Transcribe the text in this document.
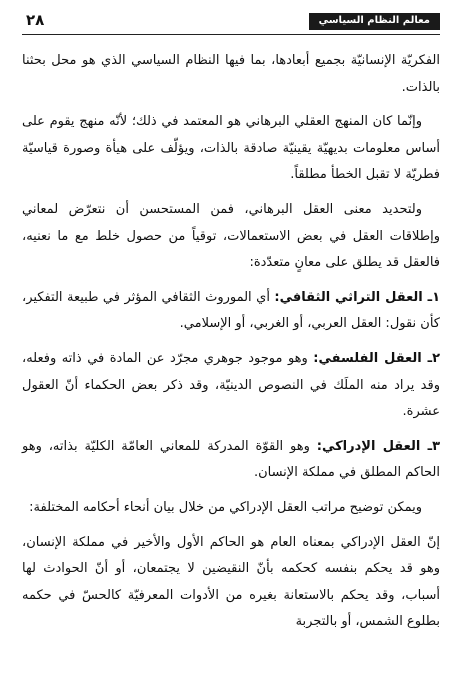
معالم النظام السياسي
٢٨

الفكريّة الإنسانيّة بجميع أبعادها، بما فيها النظام السياسي الذي هو محل بحثنا بالذات.

وإنّما كان المنهج العقلي البرهاني هو المعتمد في ذلك؛ لأنّه منهج يقوم على أساس معلومات بديهيّة يقينيّة صادقة بالذات، ويؤلّف على هيأة وصورة قياسيّة فطريّة لا تقبل الخطأ مطلقاً.

ولتحديد معنى العقل البرهاني، فمن المستحسن أن نتعرّض لمعاني وإطلاقات العقل في بعض الاستعمالات، توقياً من حصول خلط مع ما نعنيه، فالعقل قد يطلق على معانٍ متعدّدة:

١ـ العقل التراثي الثقافي: أي الموروث الثقافي المؤثر في طبيعة التفكير، كأن نقول: العقل العربي، أو الغربي، أو الإسلامي.

٢ـ العقل الفلسفي: وهو موجود جوهري مجرّد عن المادة في ذاته وفعله، وقد يراد منه الملَك في النصوص الدينيّة، وقد ذكر بعض الحكماء أنّ العقول عشرة.

٣ـ العقل الإدراكي: وهو القوّة المدركة للمعاني العامّة الكليّة بذاته، وهو الحاكم المطلق في مملكة الإنسان.

ويمكن توضيح مراتب العقل الإدراكي من خلال بيان أنحاء أحكامه المختلفة:

إنّ العقل الإدراكي بمعناه العام هو الحاكم الأول والأخير في مملكة الإنسان، وهو قد يحكم بنفسه كحكمه بأنّ النقيضين لا يجتمعان، أو أنّ الحوادث لها أسباب، وقد يحكم بالاستعانة بغيره من الأدوات المعرفيّة كالحسّ في حكمه بطلوع الشمس، أو بالتجربة
